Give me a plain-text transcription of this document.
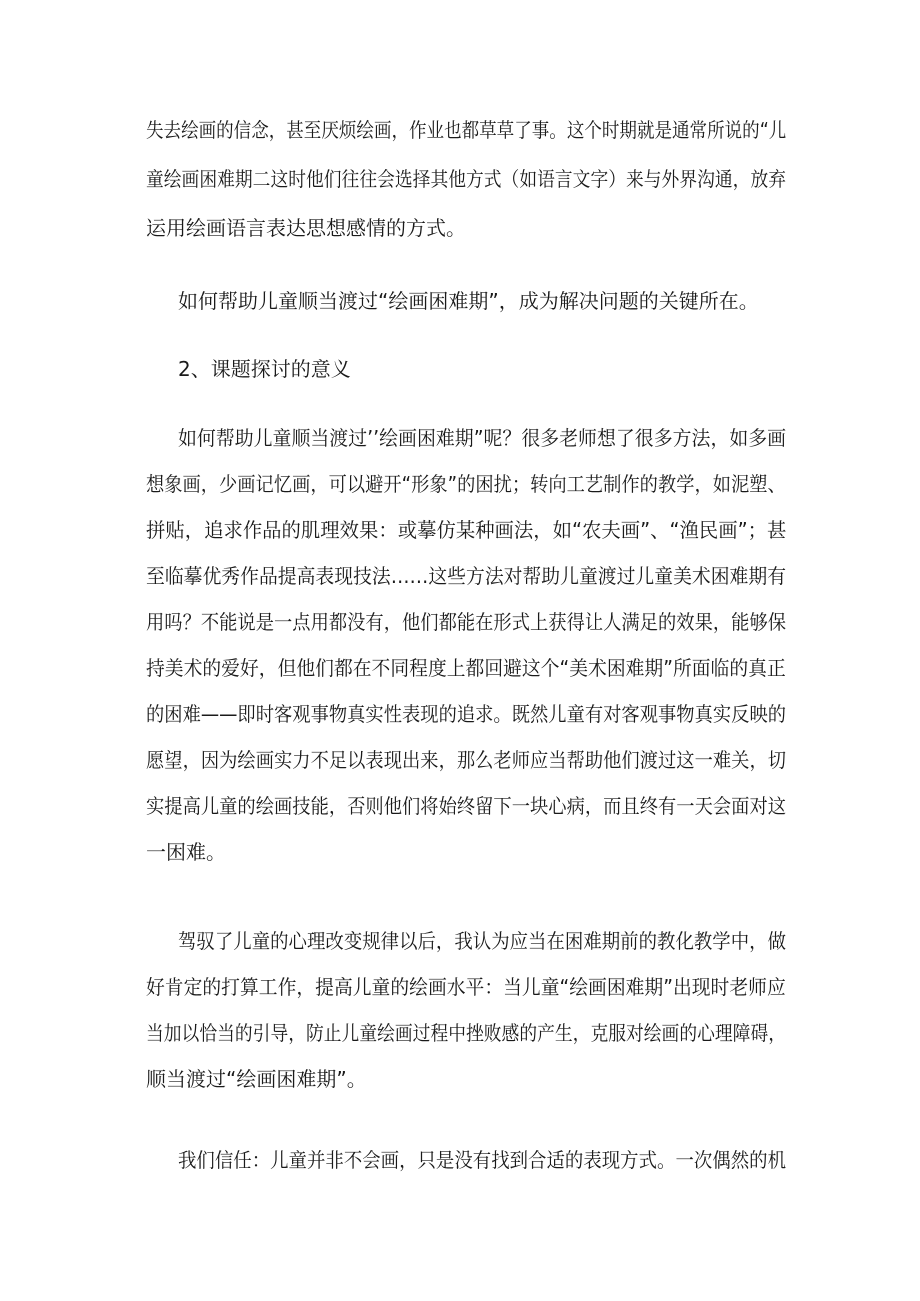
失去绘画的信念，甚至厌烦绘画，作业也都草草了事。这个时期就是通常所说的“儿
童绘画困难期二这时他们往往会选择其他方式（如语言文字）来与外界沟通，放弃
运用绘画语言表达思想感情的方式。
如何帮助儿童顺当渡过“绘画困难期”，成为解决问题的关键所在。
2、课题探讨的意义
如何帮助儿童顺当渡过’’绘画困难期”呢？很多老师想了很多方法，如多画
想象画，少画记忆画，可以避开“形象”的困扰；转向工艺制作的教学，如泥塑、
拼贴，追求作品的肌理效果：或摹仿某种画法，如“农夫画”、“渔民画”；甚
至临摹优秀作品提高表现技法……这些方法对帮助儿童渡过儿童美术困难期有
用吗？不能说是一点用都没有，他们都能在形式上获得让人满足的效果，能够保
持美术的爱好，但他们都在不同程度上都回避这个“美术困难期”所面临的真正
的困难——即时客观事物真实性表现的追求。既然儿童有对客观事物真实反映的
愿望，因为绘画实力不足以表现出来，那么老师应当帮助他们渡过这一难关，切
实提高儿童的绘画技能，否则他们将始终留下一块心病，而且终有一天会面对这
一困难。
驾驭了儿童的心理改变规律以后，我认为应当在困难期前的教化教学中，做
好肯定的打算工作，提高儿童的绘画水平：当儿童“绘画困难期”出现时老师应
当加以恰当的引导，防止儿童绘画过程中挫败感的产生，克服对绘画的心理障碍，
顺当渡过“绘画困难期”。
我们信任：儿童并非不会画，只是没有找到合适的表现方式。一次偶然的机
